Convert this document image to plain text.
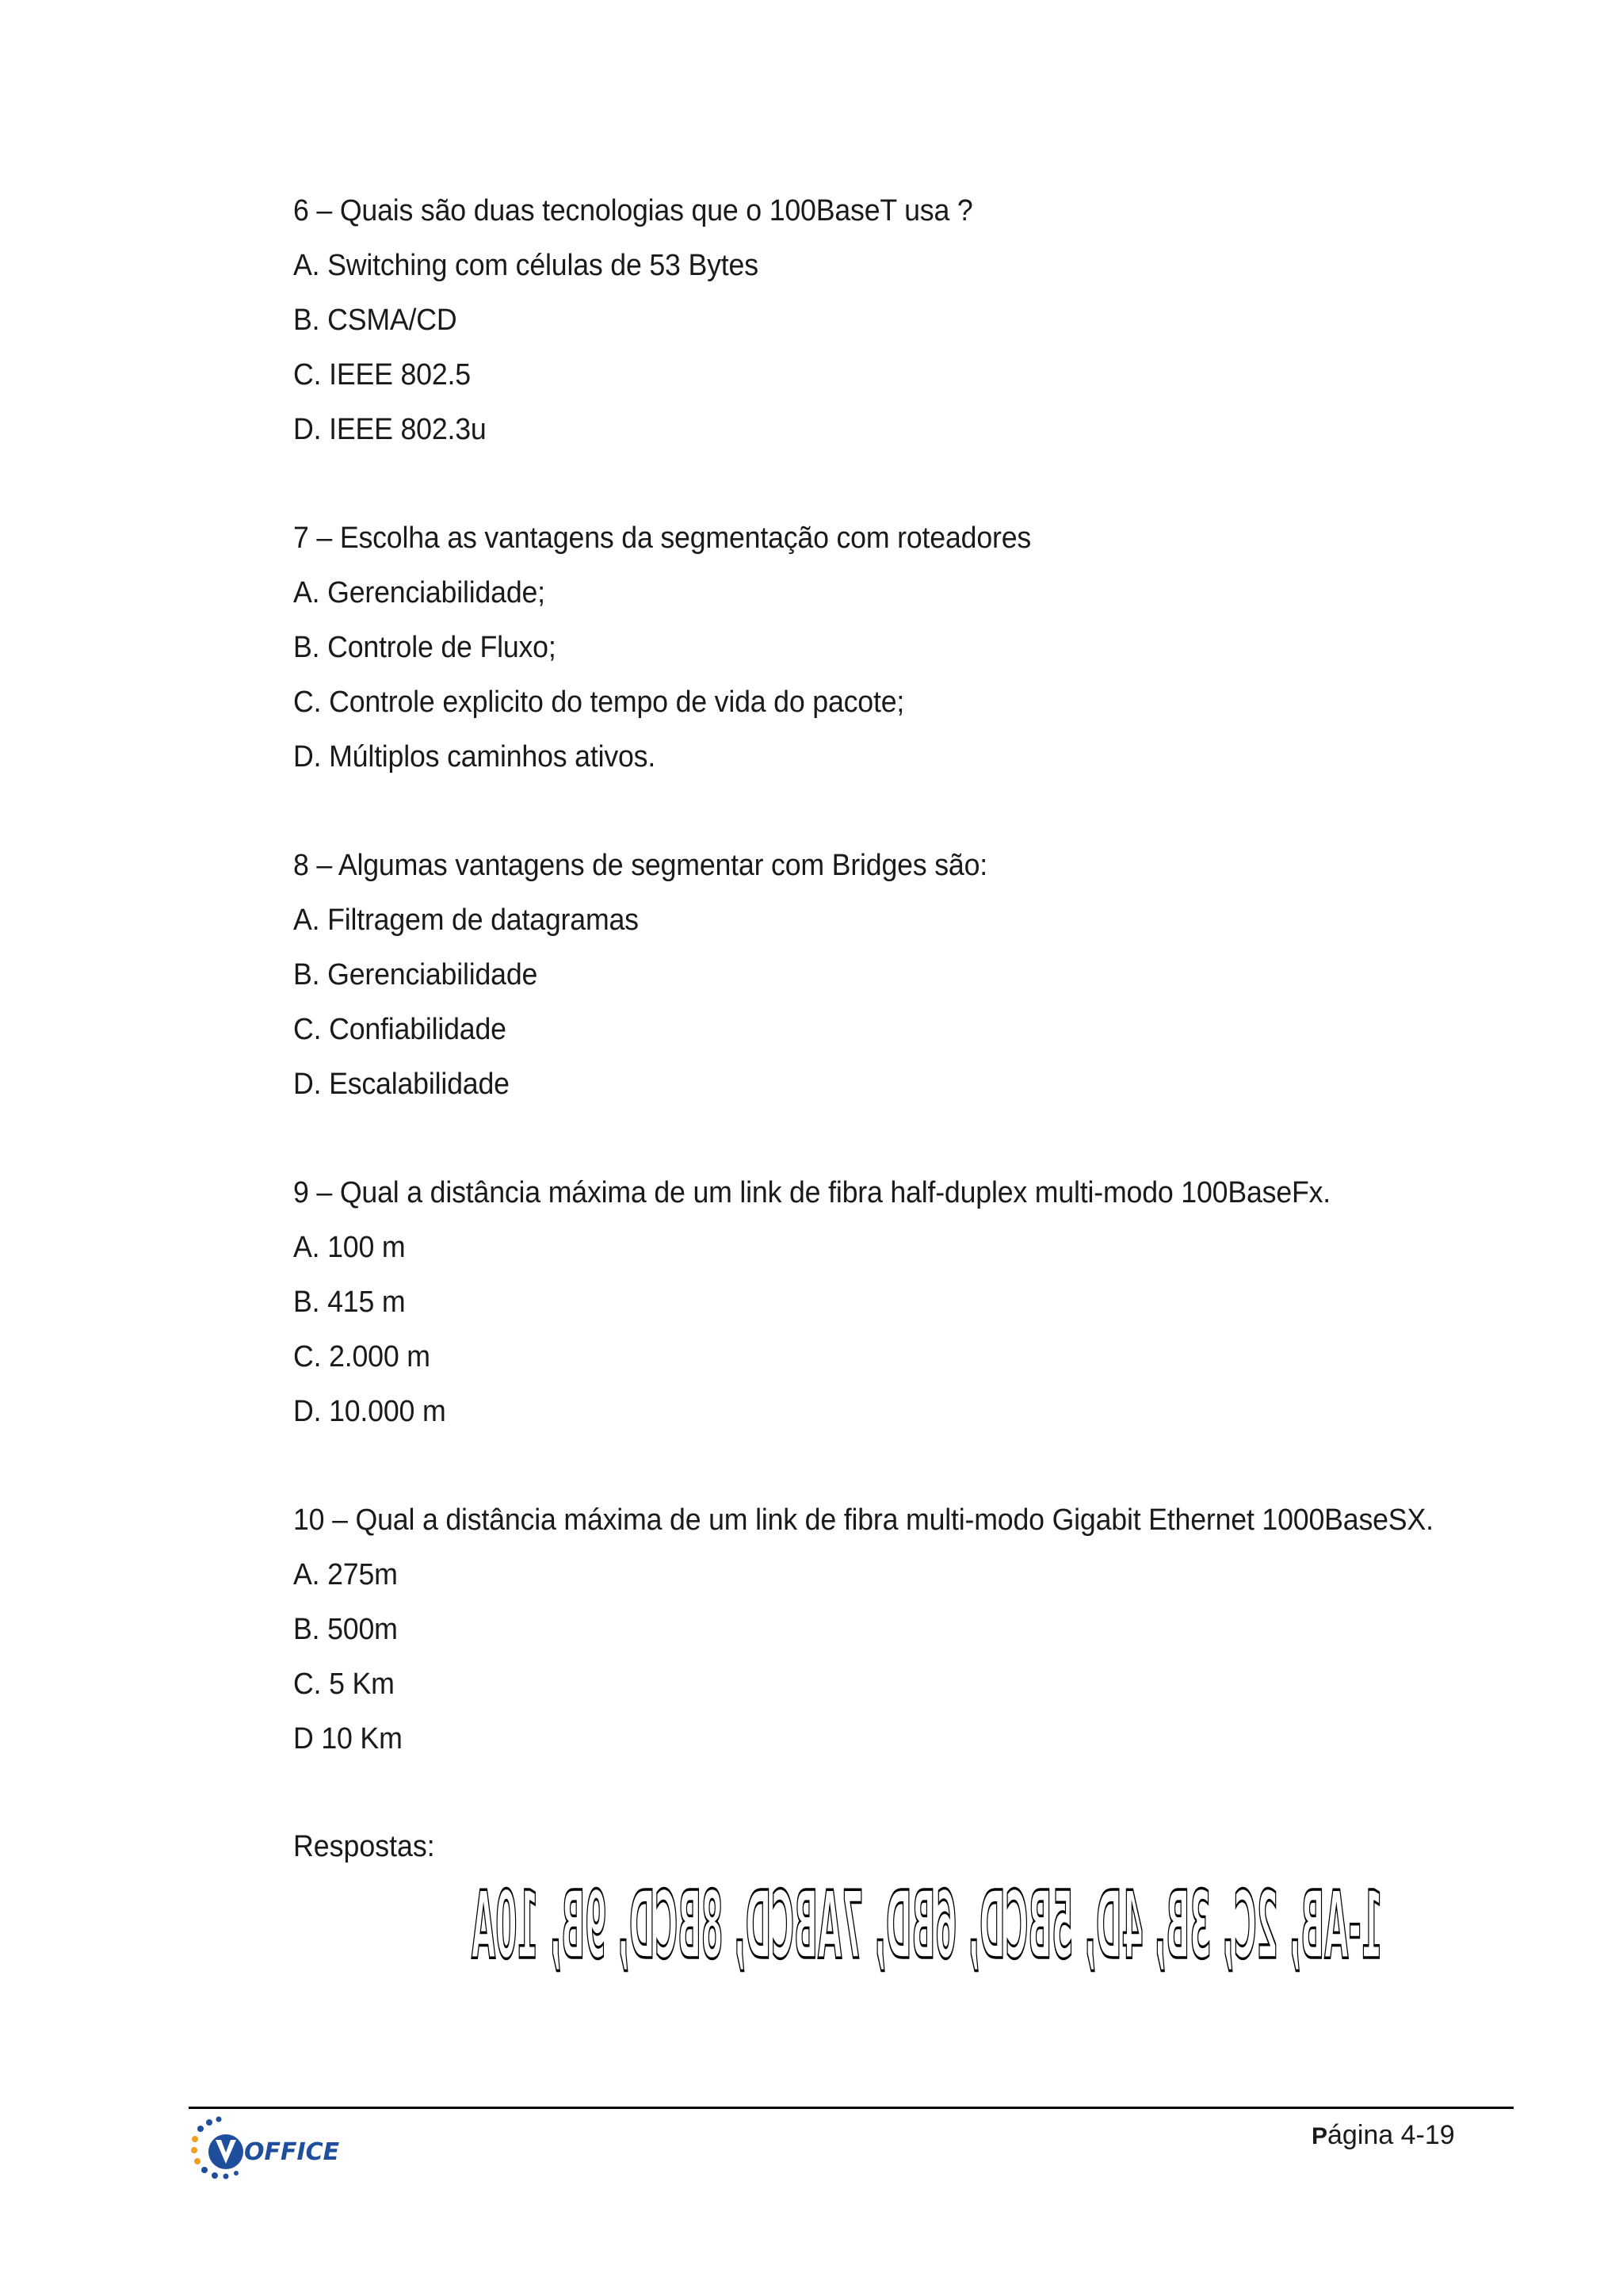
6 – Quais são duas tecnologias que o 100BaseT usa ?
A. Switching com células de 53 Bytes
B. CSMA/CD
C. IEEE 802.5
D. IEEE 802.3u
7 – Escolha as vantagens da segmentação com roteadores
A. Gerenciabilidade;
B. Controle de Fluxo;
C. Controle explicito do tempo de vida do pacote;
D. Múltiplos caminhos ativos.
8 – Algumas vantagens de segmentar com Bridges são:
A. Filtragem de datagramas
B. Gerenciabilidade
C. Confiabilidade
D. Escalabilidade
9 – Qual a distância máxima de um link de fibra half-duplex multi-modo 100BaseFx.
A. 100 m
B. 415 m
C. 2.000 m
D. 10.000 m
10 – Qual a distância máxima de um link de fibra multi-modo Gigabit Ethernet 1000BaseSX.
A. 275m
B. 500m
C. 5 Km
D 10 Km
Respostas:
1-AB, 2C, 3B, 4D, 5BCD, 6BD, 7ABCD, 8BCD, 9B, 10A
OFFICE
Página 4-19
